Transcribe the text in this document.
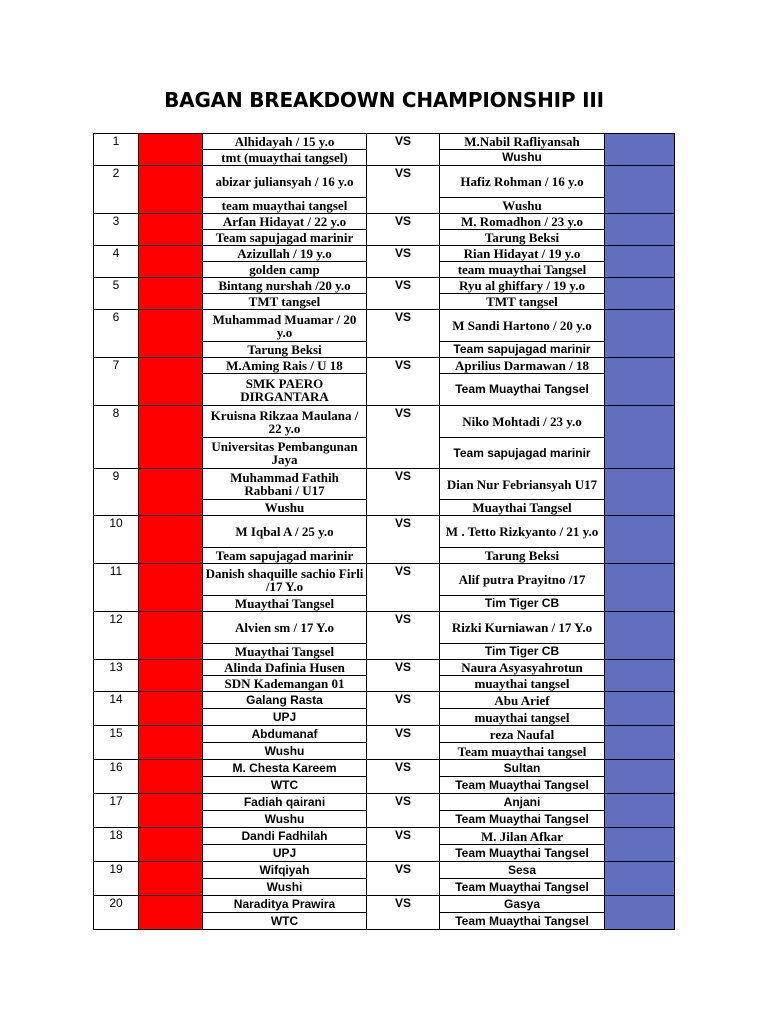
BAGAN BREAKDOWN CHAMPIONSHIP III
1		Alhidayah / 15 y.o	VS	M.Nabil Rafliyansah	
		tmt (muaythai tangsel)		Wushu	
2		abizar juliansyah / 16 y.o	VS	Hafiz Rohman / 16 y.o	
		team muaythai tangsel		Wushu	
3		Arfan Hidayat / 22 y.o	VS	M. Romadhon / 23 y.o	
		Team sapujagad marinir		Tarung Beksi	
4		Azizullah / 19 y.o	VS	Rian Hidayat / 19 y.o	
		golden camp		team muaythai Tangsel	
5		Bintang nurshah /20 y.o	VS	Ryu al ghiffary / 19 y.o	
		TMT tangsel		TMT tangsel	
6		Muhammad Muamar / 20 y.o	VS	M Sandi Hartono / 20 y.o	
		Tarung Beksi		Team sapujagad marinir	
7		M.Aming Rais / U 18	VS	Aprilius Darmawan / 18	
		SMK PAERO DIRGANTARA		Team Muaythai Tangsel	
8		Kruisna Rikzaa Maulana / 22 y.o	VS	Niko Mohtadi / 23 y.o	
		Universitas Pembangunan Jaya		Team sapujagad marinir	
9		Muhammad Fathih Rabbani / U17	VS	Dian Nur Febriansyah U17	
		Wushu		Muaythai Tangsel	
10		M Iqbal A / 25 y.o	VS	M . Tetto Rizkyanto / 21 y.o	
		Team sapujagad marinir		Tarung Beksi	
11		Danish shaquille sachio Firli /17 Y.o	VS	Alif putra Prayitno /17	
		Muaythai Tangsel		Tim Tiger CB	
12		Alvien sm / 17 Y.o	VS	Rizki Kurniawan / 17 Y.o	
		Muaythai Tangsel		Tim Tiger CB	
13		Alinda Dafinia Husen	VS	Naura Asyasyahrotun	
		SDN Kademangan 01		muaythai tangsel	
14		Galang Rasta	VS	Abu Arief	
		UPJ		muaythai tangsel	
15		Abdumanaf	VS	reza Naufal	
		Wushu		Team muaythai tangsel	
16		M. Chesta Kareem	VS	Sultan	
		WTC		Team Muaythai Tangsel	
17		Fadiah qairani	VS	Anjani	
		Wushu		Team Muaythai Tangsel	
18		Dandi Fadhilah	VS	M. Jilan Afkar	
		UPJ		Team Muaythai Tangsel	
19		Wifqiyah	VS	Sesa	
		Wushi		Team Muaythai Tangsel	
20		Naraditya Prawira	VS	Gasya	
		WTC		Team Muaythai Tangsel	
